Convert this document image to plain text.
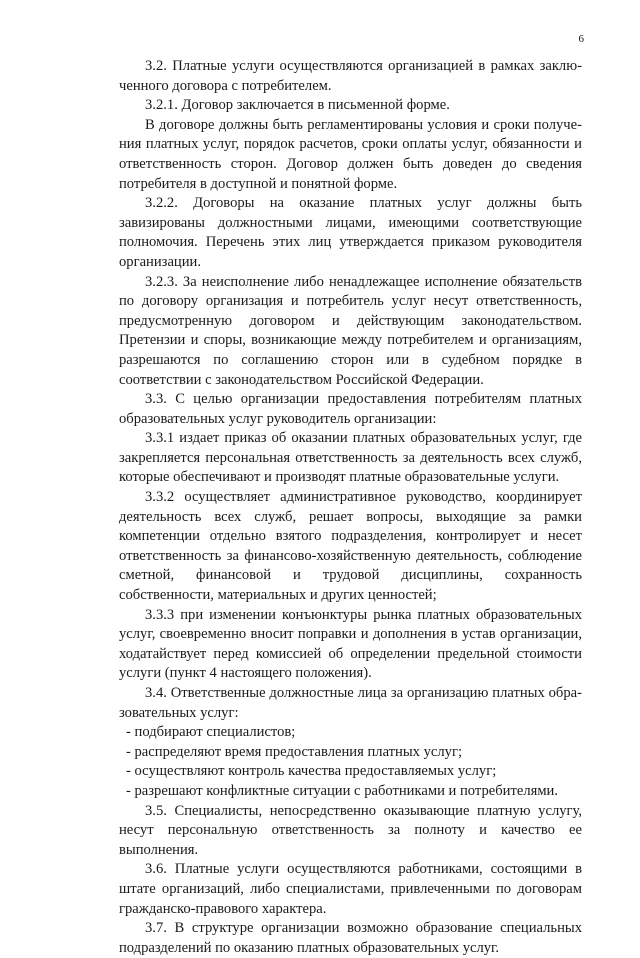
6

3.2. Платные услуги осуществляются организацией в рамках заключенного договора с потребителем.

3.2.1. Договор заключается в письменной форме.

В договоре должны быть регламентированы условия и сроки получения платных услуг, порядок расчетов, сроки оплаты услуг, обязанности и ответственность сторон. Договор должен быть доведен до сведения потребителя в доступной и понятной форме.

3.2.2. Договоры на оказание платных услуг должны быть завизированы должностными лицами, имеющими соответствующие полномочия. Перечень этих лиц утверждается приказом руководителя организации.

3.2.3. За неисполнение либо ненадлежащее исполнение обязательств по договору организация и потребитель услуг несут ответственность, предусмотренную договором и действующим законодательством. Претензии и споры, возникающие между потребителем и организациям, разрешаются по соглашению сторон или в судебном порядке в соответствии с законодательством Российской Федерации.

3.3. С целью организации предоставления потребителям платных образовательных услуг руководитель организации:

3.3.1 издает приказ об оказании платных образовательных услуг, где закрепляется персональная ответственность за деятельность всех служб, которые обеспечивают и производят платные образовательные услуги.

3.3.2 осуществляет административное руководство, координирует деятельность всех служб, решает вопросы, выходящие за рамки компетенции отдельно взятого подразделения, контролирует и несет ответственность за финансово-хозяйственную деятельность, соблюдение сметной, финансовой и трудовой дисциплины, сохранность собственности, материальных и других ценностей;

3.3.3 при изменении конъюнктуры рынка платных образовательных услуг, своевременно вносит поправки и дополнения в устав организации, ходатайствует перед комиссией об определении предельной стоимости услуги (пункт 4 настоящего положения).

3.4. Ответственные должностные лица за организацию платных образовательных услуг:

- подбирают специалистов;

- распределяют время предоставления платных услуг;

- осуществляют контроль качества предоставляемых услуг;

- разрешают конфликтные ситуации с работниками и потребителями.

3.5. Специалисты, непосредственно оказывающие платную услугу, несут персональную ответственность за полноту и качество ее выполнения.

3.6. Платные услуги осуществляются работниками, состоящими в штате организаций, либо специалистами, привлеченными по договорам гражданско-правового характера.

3.7. В структуре организации возможно образование специальных подразделений по оказанию платных образовательных услуг.
